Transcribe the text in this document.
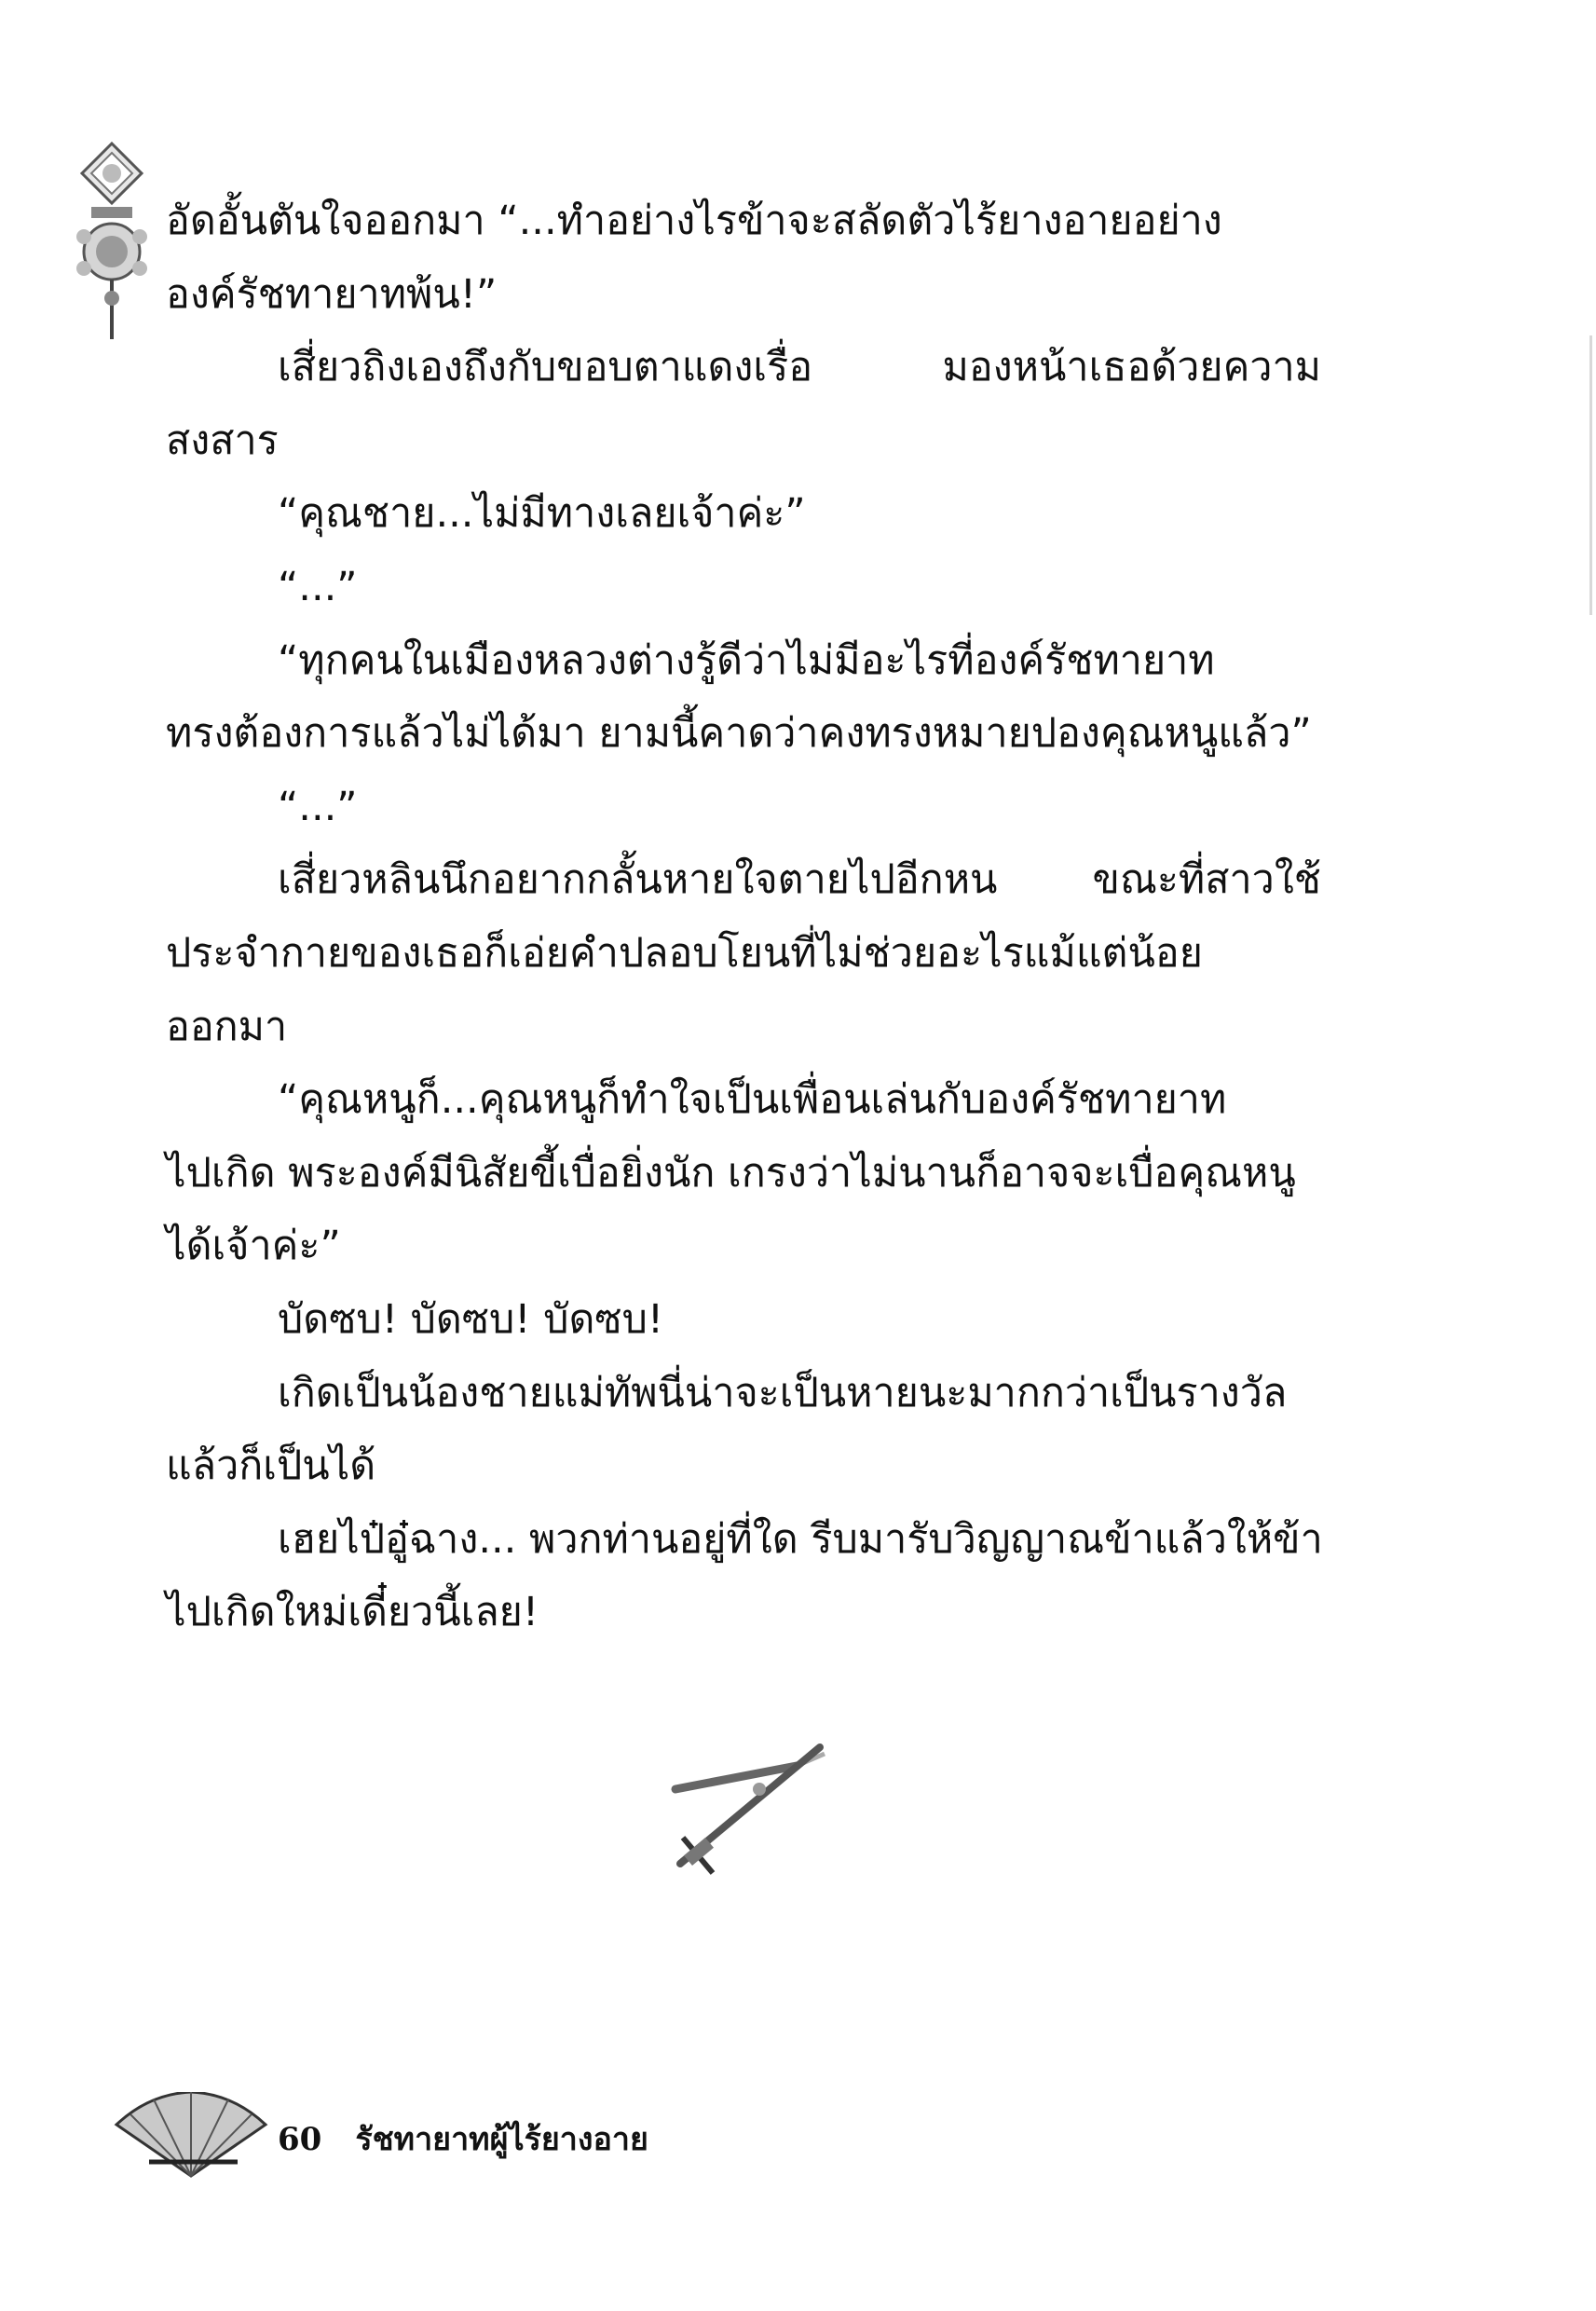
อัดอั้นตันใจออกมา “...ทำอย่างไรข้าจะสลัดตัวไร้ยางอายอย่าง
องค์รัชทายาทพ้น!”
เสี่ยวถิงเองถึงกับขอบตาแดงเรื่อ มองหน้าเธอด้วยความ
สงสาร
“คุณชาย...ไม่มีทางเลยเจ้าค่ะ”
“...”
“ทุกคนในเมืองหลวงต่างรู้ดีว่าไม่มีอะไรที่องค์รัชทายาท
ทรงต้องการแล้วไม่ได้มา ยามนี้คาดว่าคงทรงหมายปองคุณหนูแล้ว”
“...”
เสี่ยวหลินนึกอยากกลั้นหายใจตายไปอีกหน ขณะที่สาวใช้
ประจำกายของเธอก็เอ่ยคำปลอบโยนที่ไม่ช่วยอะไรแม้แต่น้อย
ออกมา
“คุณหนูก็...คุณหนูก็ทำใจเป็นเพื่อนเล่นกับองค์รัชทายาท
ไปเกิด พระองค์มีนิสัยขี้เบื่อยิ่งนัก เกรงว่าไม่นานก็อาจจะเบื่อคุณหนู
ได้เจ้าค่ะ”
บัดซบ! บัดซบ! บัดซบ!
เกิดเป็นน้องชายแม่ทัพนี่น่าจะเป็นหายนะมากกว่าเป็นรางวัล
แล้วก็เป็นได้
เฮยไป๋อู๋ฉาง... พวกท่านอยู่ที่ใด รีบมารับวิญญาณข้าแล้วให้ข้า
ไปเกิดใหม่เดี๋ยวนี้เลย!
60 รัชทายาทผู้ไร้ยางอาย
